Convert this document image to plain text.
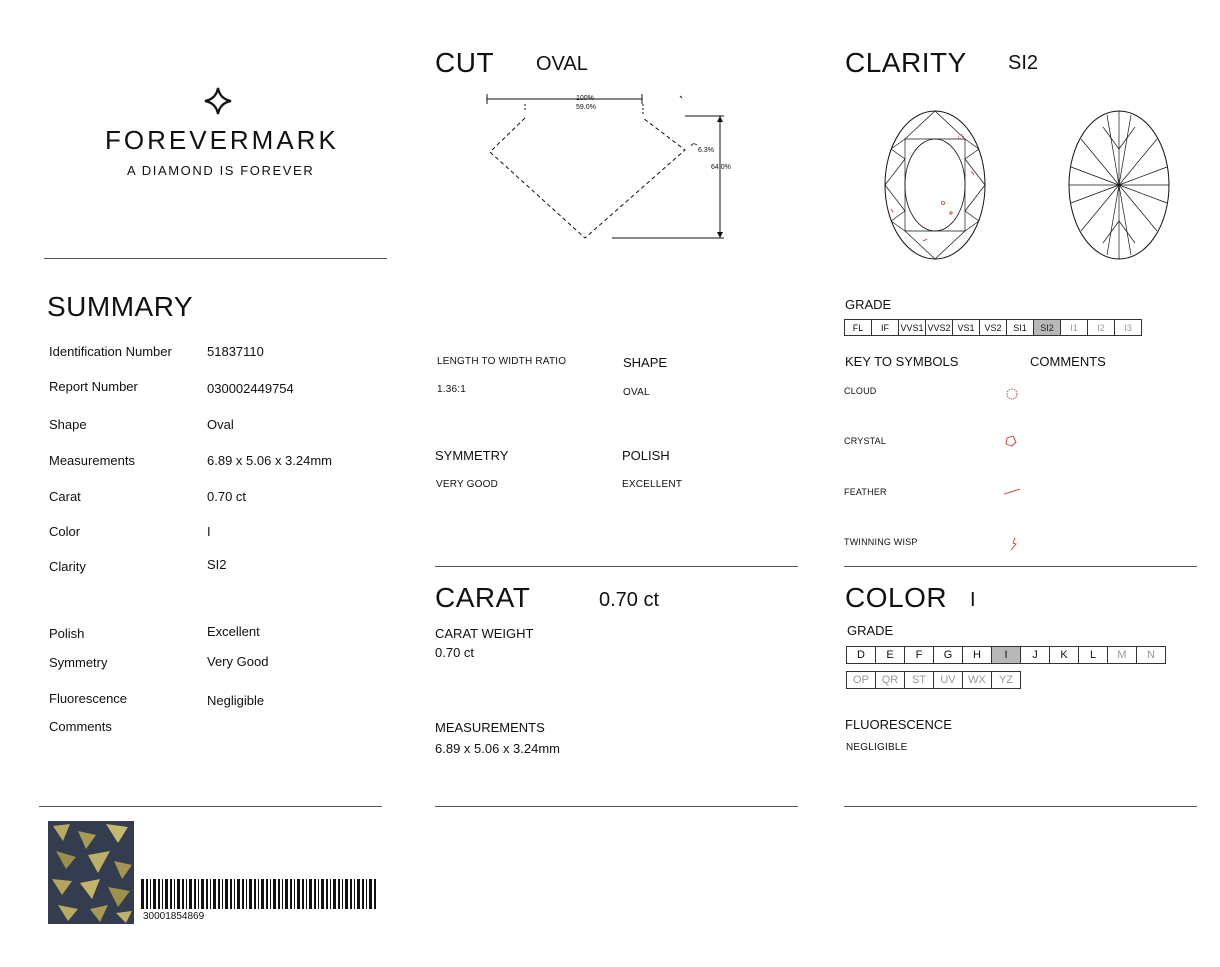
FOREVERMARK
A DIAMOND IS FOREVER
SUMMARY
Identification Number	51837110
Report Number	030002449754
Shape	Oval
Measurements	6.89 x 5.06 x 3.24mm
Carat	0.70 ct
Color	I
Clarity	SI2
Polish	Excellent
Symmetry	Very Good
Fluorescence	Negligible
Comments
30001854869
CUT OVAL
100%
59.0%
6.3%
64.0%
LENGTH TO WIDTH RATIO
1.36:1
SHAPE
OVAL
SYMMETRY
VERY GOOD
POLISH
EXCELLENT
CARAT	0.70 ct
CARAT WEIGHT
0.70 ct
MEASUREMENTS
6.89 x 5.06 x 3.24mm
CLARITY SI2
GRADE
FL	IF	VVS1 VVS2 VS1	VS2	SI1	SI2	I1	I2	I3
KEY TO SYMBOLS	COMMENTS
CLOUD
CRYSTAL
FEATHER
TWINNING WISP
COLOR I
GRADE
D	E	F	G	H	I	J	K	L	M	N
OP	QR	ST	UV	WX	YZ
FLUORESCENCE
NEGLIGIBLE
